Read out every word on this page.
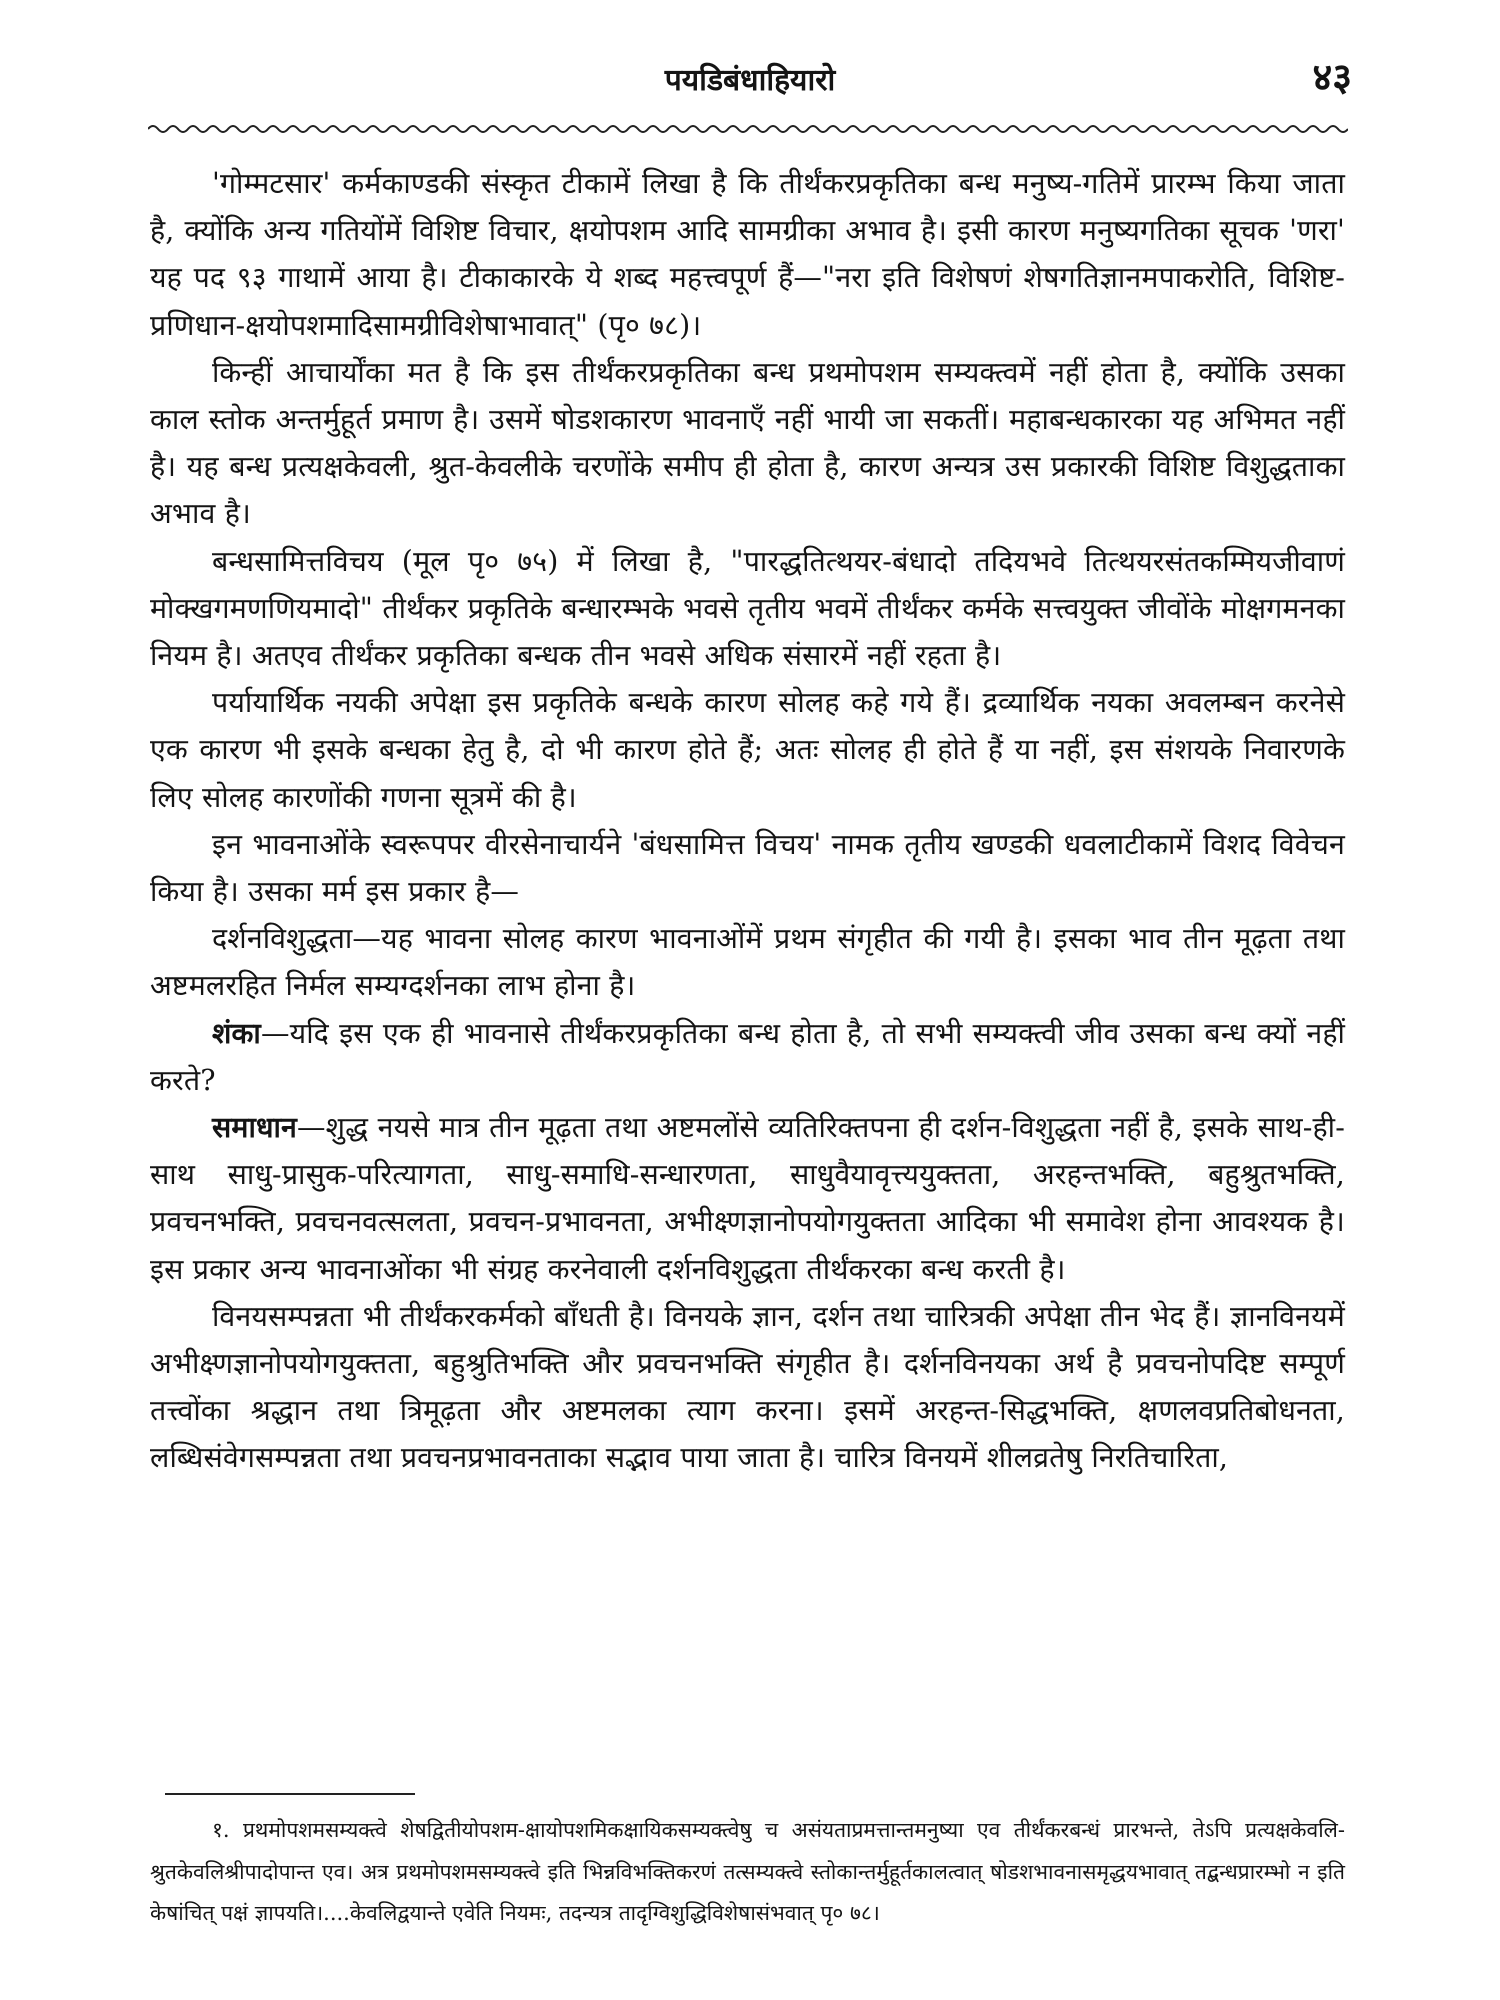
पयडिबंधाहियारो	४३

'गोम्मटसार' कर्मकाण्डकी संस्कृत टीकामें लिखा है कि तीर्थंकरप्रकृतिका बन्ध मनुष्य-गतिमें प्रारम्भ किया जाता है, क्योंकि अन्य गतियोंमें विशिष्ट विचार, क्षयोपशम आदि सामग्रीका अभाव है। इसी कारण मनुष्यगतिका सूचक 'णरा' यह पद ९३ गाथामें आया है। टीकाकारके ये शब्द महत्त्वपूर्ण हैं—"नरा इति विशेषणं शेषगतिज्ञानमपाकरोति, विशिष्ट-प्रणिधान-क्षयोपशमादिसामग्रीविशेषाभावात्" (पृ० ७८)।

किन्हीं आचार्योंका मत है कि इस तीर्थंकरप्रकृतिका बन्ध प्रथमोपशम सम्यक्त्वमें नहीं होता है, क्योंकि उसका काल स्तोक अन्तर्मुहूर्त प्रमाण है। उसमें षोडशकारण भावनाएँ नहीं भायी जा सकतीं। महाबन्धकारका यह अभिमत नहीं है। यह बन्ध प्रत्यक्षकेवली, श्रुत-केवलीके चरणोंके समीप ही होता है, कारण अन्यत्र उस प्रकारकी विशिष्ट विशुद्धताका अभाव है।

बन्धसामित्तविचय (मूल पृ० ७५) में लिखा है, "पारद्धतित्थयर-बंधादो तदियभवे तित्थयरसंतकम्मियजीवाणं मोक्खगमणणियमादो" तीर्थंकर प्रकृतिके बन्धारम्भके भवसे तृतीय भवमें तीर्थंकर कर्मके सत्त्वयुक्त जीवोंके मोक्षगमनका नियम है। अतएव तीर्थंकर प्रकृतिका बन्धक तीन भवसे अधिक संसारमें नहीं रहता है।

पर्यायार्थिक नयकी अपेक्षा इस प्रकृतिके बन्धके कारण सोलह कहे गये हैं। द्रव्यार्थिक नयका अवलम्बन करनेसे एक कारण भी इसके बन्धका हेतु है, दो भी कारण होते हैं; अतः सोलह ही होते हैं या नहीं, इस संशयके निवारणके लिए सोलह कारणोंकी गणना सूत्रमें की है।

इन भावनाओंके स्वरूपपर वीरसेनाचार्यने 'बंधसामित्त विचय' नामक तृतीय खण्डकी धवलाटीकामें विशद विवेचन किया है। उसका मर्म इस प्रकार है—

दर्शनविशुद्धता—यह भावना सोलह कारण भावनाओंमें प्रथम संगृहीत की गयी है। इसका भाव तीन मूढ़ता तथा अष्टमलरहित निर्मल सम्यग्दर्शनका लाभ होना है।

शंका—यदि इस एक ही भावनासे तीर्थंकरप्रकृतिका बन्ध होता है, तो सभी सम्यक्त्वी जीव उसका बन्ध क्यों नहीं करते?

समाधान—शुद्ध नयसे मात्र तीन मूढ़ता तथा अष्टमलोंसे व्यतिरिक्तपना ही दर्शन-विशुद्धता नहीं है, इसके साथ-ही-साथ साधु-प्रासुक-परित्यागता, साधु-समाधि-सन्धारणता, साधुवैयावृत्त्ययुक्तता, अरहन्तभक्ति, बहुश्रुतभक्ति, प्रवचनभक्ति, प्रवचनवत्सलता, प्रवचन-प्रभावनता, अभीक्ष्णज्ञानोपयोगयुक्तता आदिका भी समावेश होना आवश्यक है। इस प्रकार अन्य भावनाओंका भी संग्रह करनेवाली दर्शनविशुद्धता तीर्थंकरका बन्ध करती है।

विनयसम्पन्नता भी तीर्थंकरकर्मको बाँधती है। विनयके ज्ञान, दर्शन तथा चारित्रकी अपेक्षा तीन भेद हैं। ज्ञानविनयमें अभीक्ष्णज्ञानोपयोगयुक्तता, बहुश्रुतिभक्ति और प्रवचनभक्ति संगृहीत है। दर्शनविनयका अर्थ है प्रवचनोपदिष्ट सम्पूर्ण तत्त्वोंका श्रद्धान तथा त्रिमूढ़ता और अष्टमलका त्याग करना। इसमें अरहन्त-सिद्धभक्ति, क्षणलवप्रतिबोधनता, लब्धिसंवेगसम्पन्नता तथा प्रवचनप्रभावनताका सद्भाव पाया जाता है। चारित्र विनयमें शीलव्रतेषु निरतिचारिता,

१. प्रथमोपशमसम्यक्त्वे शेषद्वितीयोपशम-क्षायोपशमिकक्षायिकसम्यक्त्वेषु च असंयताप्रमत्तान्तमनुष्या एव तीर्थंकरबन्धं प्रारभन्ते, तेऽपि प्रत्यक्षकेवलि-श्रुतकेवलिश्रीपादोपान्त एव। अत्र प्रथमोपशमसम्यक्त्वे इति भिन्नविभक्तिकरणं तत्सम्यक्त्वे स्तोकान्तर्मुहूर्तकालत्वात् षोडशभावनासमृद्धयभावात् तद्बन्धप्रारम्भो न इति केषांचित् पक्षं ज्ञापयति।....केवलिद्वयान्ते एवेति नियमः, तदन्यत्र तादृग्विशुद्धिविशेषासंभवात् पृ० ७८।
